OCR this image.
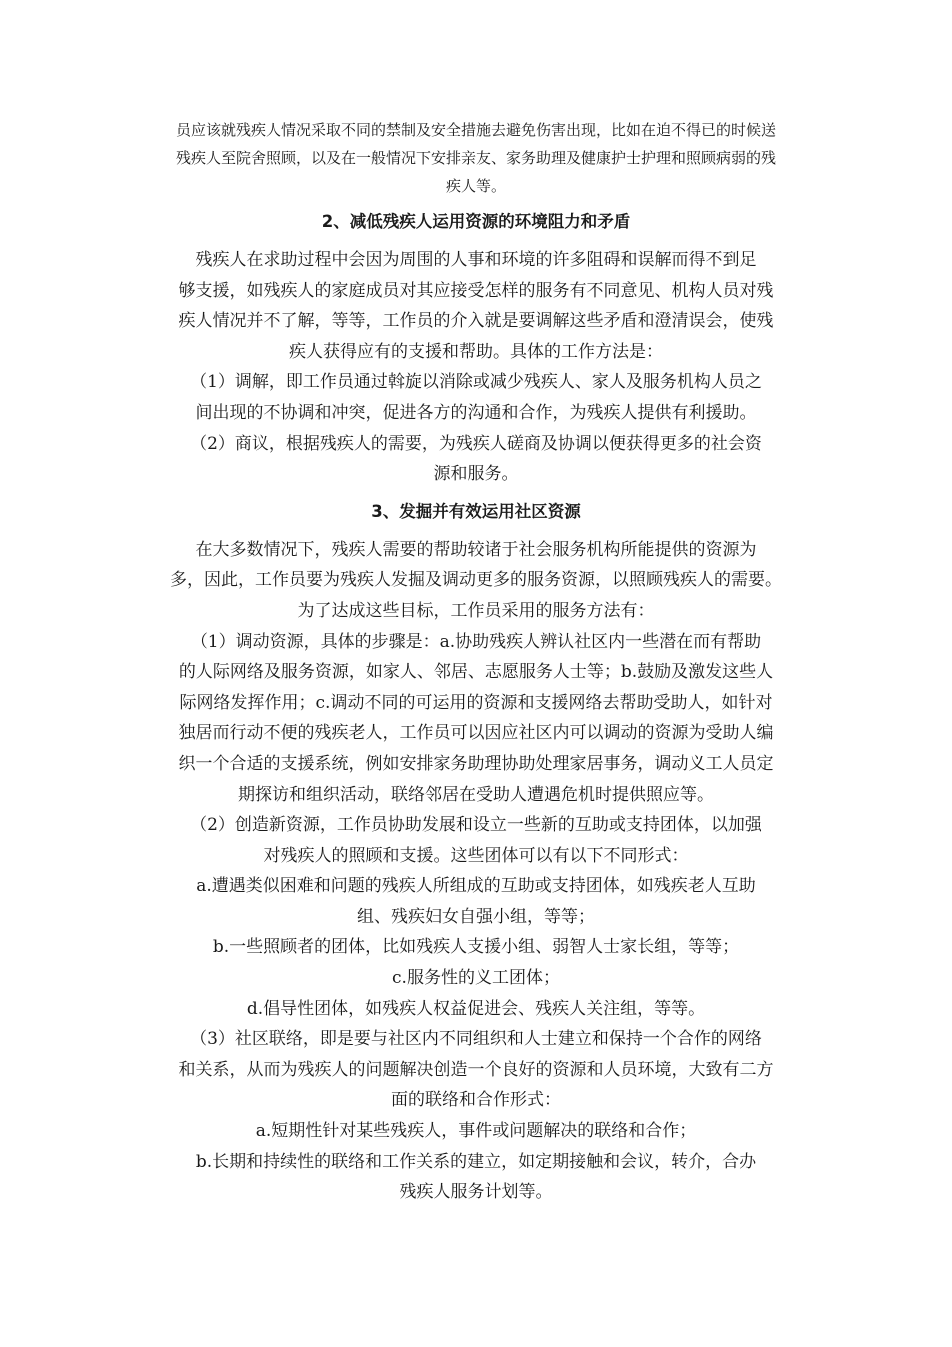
员应该就残疾人情况采取不同的禁制及安全措施去避免伤害出现，比如在迫不得已的时候送

残疾人至院舍照顾，以及在一般情况下安排亲友、家务助理及健康护士护理和照顾病弱的残

疾人等。

2、减低残疾人运用资源的环境阻力和矛盾

残疾人在求助过程中会因为周围的人事和环境的许多阻碍和误解而得不到足

够支援，如残疾人的家庭成员对其应接受怎样的服务有不同意见、机构人员对残

疾人情况并不了解，等等，工作员的介入就是要调解这些矛盾和澄清误会，使残

疾人获得应有的支援和帮助。具体的工作方法是：

（1）调解，即工作员通过斡旋以消除或减少残疾人、家人及服务机构人员之

间出现的不协调和冲突，促进各方的沟通和合作，为残疾人提供有利援助。

（2）商议，根据残疾人的需要，为残疾人磋商及协调以便获得更多的社会资

源和服务。

3、发掘并有效运用社区资源

在大多数情况下，残疾人需要的帮助较诸于社会服务机构所能提供的资源为

多，因此，工作员要为残疾人发掘及调动更多的服务资源，以照顾残疾人的需要。

为了达成这些目标，工作员采用的服务方法有：

（1）调动资源，具体的步骤是：a.协助残疾人辨认社区内一些潜在而有帮助

的人际网络及服务资源，如家人、邻居、志愿服务人士等；b.鼓励及激发这些人

际网络发挥作用；c.调动不同的可运用的资源和支援网络去帮助受助人，如针对

独居而行动不便的残疾老人，工作员可以因应社区内可以调动的资源为受助人编

织一个合适的支援系统，例如安排家务助理协助处理家居事务，调动义工人员定

期探访和组织活动，联络邻居在受助人遭遇危机时提供照应等。

（2）创造新资源，工作员协助发展和设立一些新的互助或支持团体，以加强

对残疾人的照顾和支援。这些团体可以有以下不同形式：

a.遭遇类似困难和问题的残疾人所组成的互助或支持团体，如残疾老人互助

组、残疾妇女自强小组，等等；

b.一些照顾者的团体，比如残疾人支援小组、弱智人士家长组，等等；

c.服务性的义工团体；

d.倡导性团体，如残疾人权益促进会、残疾人关注组，等等。

（3）社区联络，即是要与社区内不同组织和人士建立和保持一个合作的网络

和关系，从而为残疾人的问题解决创造一个良好的资源和人员环境，大致有二方

面的联络和合作形式：

a.短期性针对某些残疾人，事件或问题解决的联络和合作；

b.长期和持续性的联络和工作关系的建立，如定期接触和会议，转介，合办

残疾人服务计划等。
